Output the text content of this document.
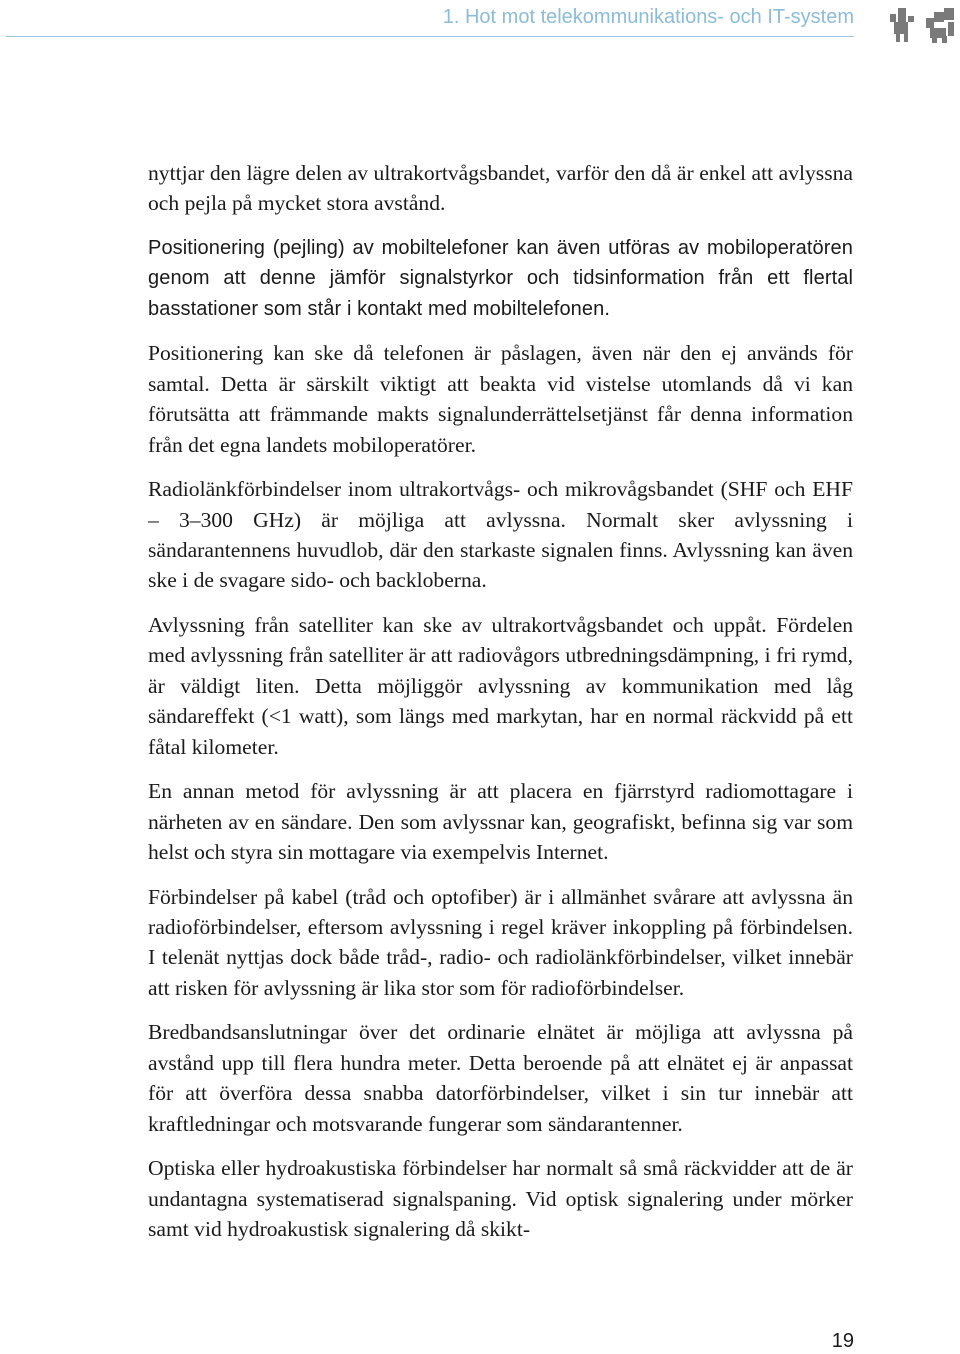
1. Hot mot telekommunikations- och IT-system

nyttjar den lägre delen av ultrakortvågsbandet, varför den då är enkel att avlyssna och pejla på mycket stora avstånd.

Positionering (pejling) av mobiltelefoner kan även utföras av mobiloperatören genom att denne jämför signalstyrkor och tidsinformation från ett flertal basstationer som står i kontakt med mobiltelefonen.

Positionering kan ske då telefonen är påslagen, även när den ej används för samtal. Detta är särskilt viktigt att beakta vid vistelse utomlands då vi kan förutsätta att främmande makts signalunderrättelsetjänst får denna information från det egna landets mobiloperatörer.

Radiolänkförbindelser inom ultrakortvågs- och mikrovågsbandet (SHF och EHF – 3–300 GHz) är möjliga att avlyssna. Normalt sker avlyssning i sändarantennens huvudlob, där den starkaste signalen finns. Avlyssning kan även ske i de svagare sido- och backloberna.

Avlyssning från satelliter kan ske av ultrakortvågsbandet och uppåt. Fördelen med avlyssning från satelliter är att radiovågors utbredningsdämpning, i fri rymd, är väldigt liten. Detta möjliggör avlyssning av kommunikation med låg sändareffekt (<1 watt), som längs med markytan, har en normal räckvidd på ett fåtal kilometer.

En annan metod för avlyssning är att placera en fjärrstyrd radiomottagare i närheten av en sändare. Den som avlyssnar kan, geografiskt, befinna sig var som helst och styra sin mottagare via exempelvis Internet.

Förbindelser på kabel (tråd och optofiber) är i allmänhet svårare att avlyssna än radioförbindelser, eftersom avlyssning i regel kräver inkoppling på förbindelsen. I telenät nyttjas dock både tråd-, radio- och radiolänkförbindelser, vilket innebär att risken för avlyssning är lika stor som för radioförbindelser.

Bredbandsanslutningar över det ordinarie elnätet är möjliga att avlyssna på avstånd upp till flera hundra meter. Detta beroende på att elnätet ej är anpassat för att överföra dessa snabba datorförbindelser, vilket i sin tur innebär att kraftledningar och motsvarande fungerar som sändarantenner.

Optiska eller hydroakustiska förbindelser har normalt så små räckvidder att de är undantagna systematiserad signalspaning. Vid optisk signalering under mörker samt vid hydroakustisk signalering då skikt-

19
